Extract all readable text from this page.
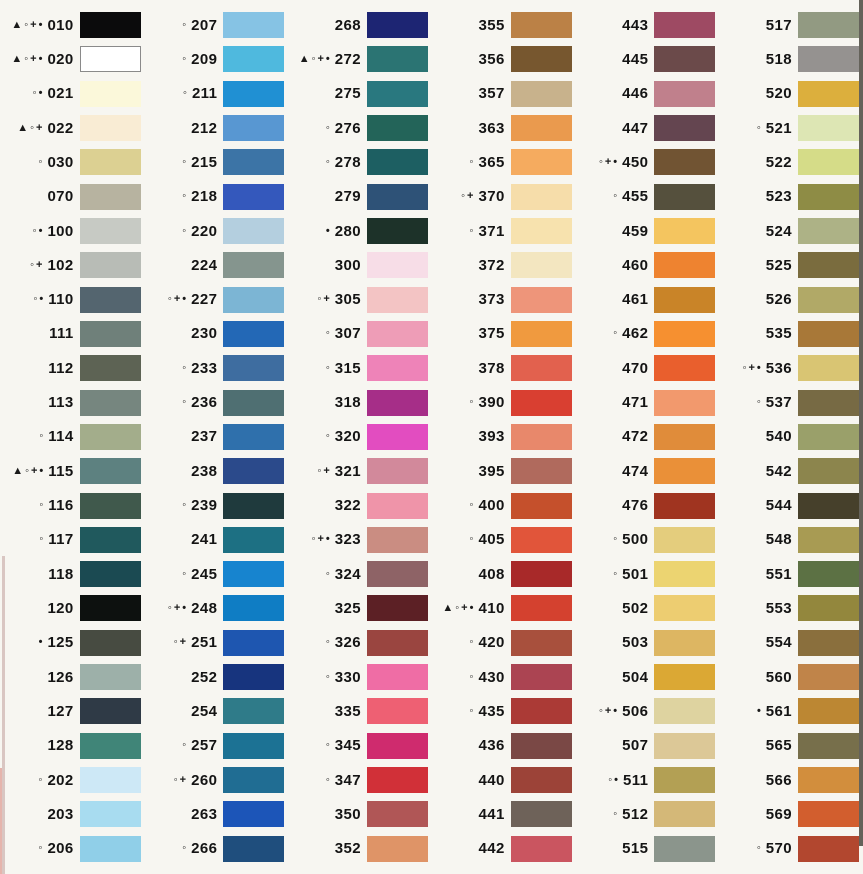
▲◦+• 010
▲◦+• 020
◦• 021
▲◦+ 022
◦ 030
070
◦• 100
◦+ 102
◦• 110
111
112
113
◦ 114
▲◦+• 115
◦ 116
◦ 117
118
120
• 125
126
127
128
◦ 202
203
◦ 206
◦ 207
◦ 209
◦ 211
212
◦ 215
◦ 218
◦ 220
224
◦+• 227
230
◦ 233
◦ 236
237
238
◦ 239
241
◦ 245
◦+• 248
◦+ 251
252
254
◦ 257
◦+ 260
263
◦ 266
268
▲◦+• 272
275
◦ 276
◦ 278
279
• 280
300
◦+ 305
◦ 307
◦ 315
318
◦ 320
◦+ 321
322
◦+• 323
◦ 324
325
◦ 326
◦ 330
335
◦ 345
◦ 347
350
352
355
356
357
363
◦ 365
◦+ 370
◦ 371
372
373
375
378
◦ 390
393
395
◦ 400
◦ 405
408
▲◦+• 410
◦ 420
◦ 430
◦ 435
436
440
441
442
443
445
446
447
◦+• 450
◦ 455
459
460
461
◦ 462
470
471
472
474
476
◦ 500
◦ 501
502
503
504
◦+• 506
507
◦• 511
◦ 512
515
517
518
520
◦ 521
522
523
524
525
526
535
◦+• 536
◦ 537
540
542
544
548
551
553
554
560
• 561
565
566
569
◦ 570
